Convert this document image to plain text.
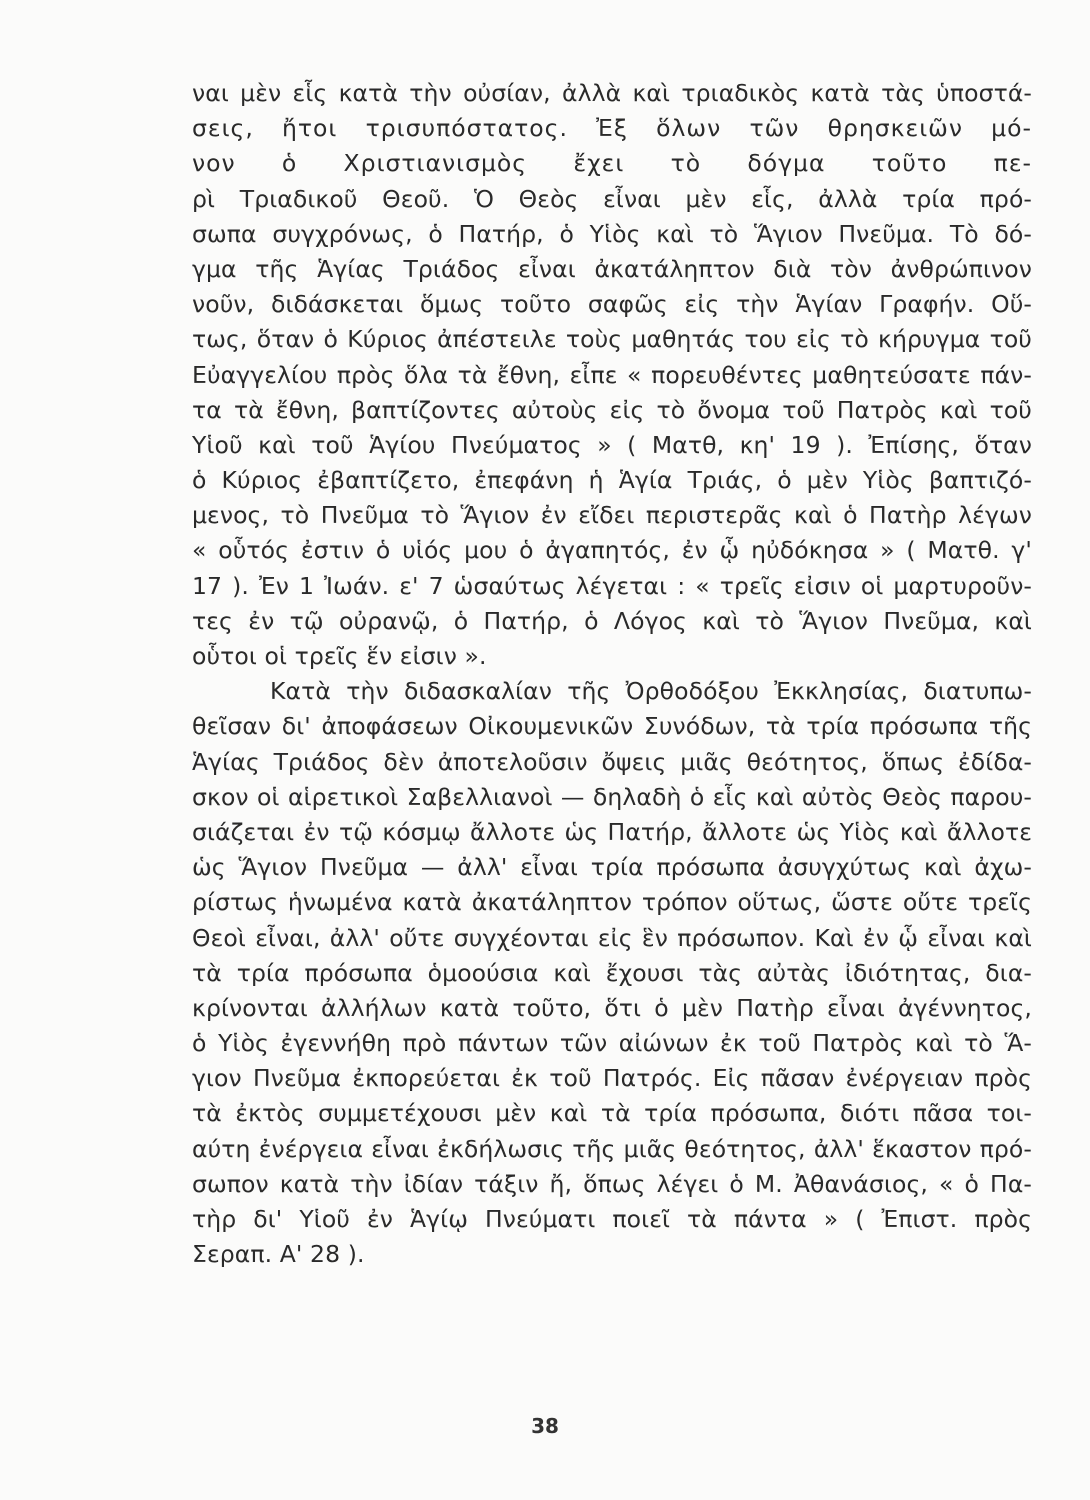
ναι μὲν εἷς κατὰ τὴν οὐσίαν, ἀλλὰ καὶ τριαδικὸς κατὰ τὰς ὑποστά-
σεις, ἤτοι τρισυπόστατος. Ἐξ ὅλων τῶν θρησκειῶν μό-
νον ὁ Χριστιανισμὸς ἔχει τὸ δόγμα τοῦτο πε-
ρὶ Τριαδικοῦ Θεοῦ. Ὁ Θεὸς εἶναι μὲν εἷς, ἀλλὰ τρία πρό-
σωπα συγχρόνως, ὁ Πατήρ, ὁ Υἱὸς καὶ τὸ Ἅγιον Πνεῦμα. Τὸ δό-
γμα τῆς Ἁγίας Τριάδος εἶναι ἀκατάληπτον διὰ τὸν ἀνθρώπινον
νοῦν, διδάσκεται ὅμως τοῦτο σαφῶς εἰς τὴν Ἁγίαν Γραφήν. Οὕ-
τως, ὅταν ὁ Κύριος ἀπέστειλε τοὺς μαθητάς του εἰς τὸ κήρυγμα τοῦ
Εὐαγγελίου πρὸς ὅλα τὰ ἔθνη, εἶπε « πορευθέντες μαθητεύσατε πάν-
τα τὰ ἔθνη, βαπτίζοντες αὐτοὺς εἰς τὸ ὄνομα τοῦ Πατρὸς καὶ τοῦ
Υἱοῦ καὶ τοῦ Ἁγίου Πνεύματος » ( Ματθ, κη' 19 ). Ἐπίσης, ὅταν
ὁ Κύριος ἐβαπτίζετο, ἐπεφάνη ἡ Ἁγία Τριάς, ὁ μὲν Υἱὸς βαπτιζό-
μενος, τὸ Πνεῦμα τὸ Ἅγιον ἐν εἴδει περιστερᾶς καὶ ὁ Πατὴρ λέγων
« οὗτός ἐστιν ὁ υἱός μου ὁ ἀγαπητός, ἐν ᾧ ηὐδόκησα » ( Ματθ. γ'
17 ). Ἐν 1 Ἰωάν. ε' 7 ὡσαύτως λέγεται : « τρεῖς εἰσιν οἱ μαρτυροῦν-
τες ἐν τῷ οὐρανῷ, ὁ Πατήρ, ὁ Λόγος καὶ τὸ Ἅγιον Πνεῦμα, καὶ
οὗτοι οἱ τρεῖς ἕν εἰσιν ».
Κατὰ τὴν διδασκαλίαν τῆς Ὀρθοδόξου Ἐκκλησίας, διατυπω-
θεῖσαν δι' ἀποφάσεων Οἰκουμενικῶν Συνόδων, τὰ τρία πρόσωπα τῆς
Ἁγίας Τριάδος δὲν ἀποτελοῦσιν ὄψεις μιᾶς θεότητος, ὅπως ἐδίδα-
σκον οἱ αἱρετικοὶ Σαβελλιανοὶ — δηλαδὴ ὁ εἷς καὶ αὐτὸς Θεὸς παρου-
σιάζεται ἐν τῷ κόσμῳ ἄλλοτε ὡς Πατήρ, ἄλλοτε ὡς Υἱὸς καὶ ἄλλοτε
ὡς Ἅγιον Πνεῦμα — ἀλλ' εἶναι τρία πρόσωπα ἀσυγχύτως καὶ ἀχω-
ρίστως ἡνωμένα κατὰ ἀκατάληπτον τρόπον οὕτως, ὥστε οὔτε τρεῖς
Θεοὶ εἶναι, ἀλλ' οὔτε συγχέονται εἰς ἓν πρόσωπον. Καὶ ἐν ᾧ εἶναι καὶ
τὰ τρία πρόσωπα ὁμοούσια καὶ ἔχουσι τὰς αὐτὰς ἰδιότητας, δια-
κρίνονται ἀλλήλων κατὰ τοῦτο, ὅτι ὁ μὲν Πατὴρ εἶναι ἀγέννητος,
ὁ Υἱὸς ἐγεννήθη πρὸ πάντων τῶν αἰώνων ἐκ τοῦ Πατρὸς καὶ τὸ Ἅ-
γιον Πνεῦμα ἐκπορεύεται ἐκ τοῦ Πατρός. Εἰς πᾶσαν ἐνέργειαν πρὸς
τὰ ἐκτὸς συμμετέχουσι μὲν καὶ τὰ τρία πρόσωπα, διότι πᾶσα τοι-
αύτη ἐνέργεια εἶναι ἐκδήλωσις τῆς μιᾶς θεότητος, ἀλλ' ἕκαστον πρό-
σωπον κατὰ τὴν ἰδίαν τάξιν ἤ, ὅπως λέγει ὁ Μ. Ἀθανάσιος, « ὁ Πα-
τὴρ δι' Υἱοῦ ἐν Ἁγίῳ Πνεύματι ποιεῖ τὰ πάντα » ( Ἐπιστ. πρὸς
Σεραπ. Α' 28 ).
38
